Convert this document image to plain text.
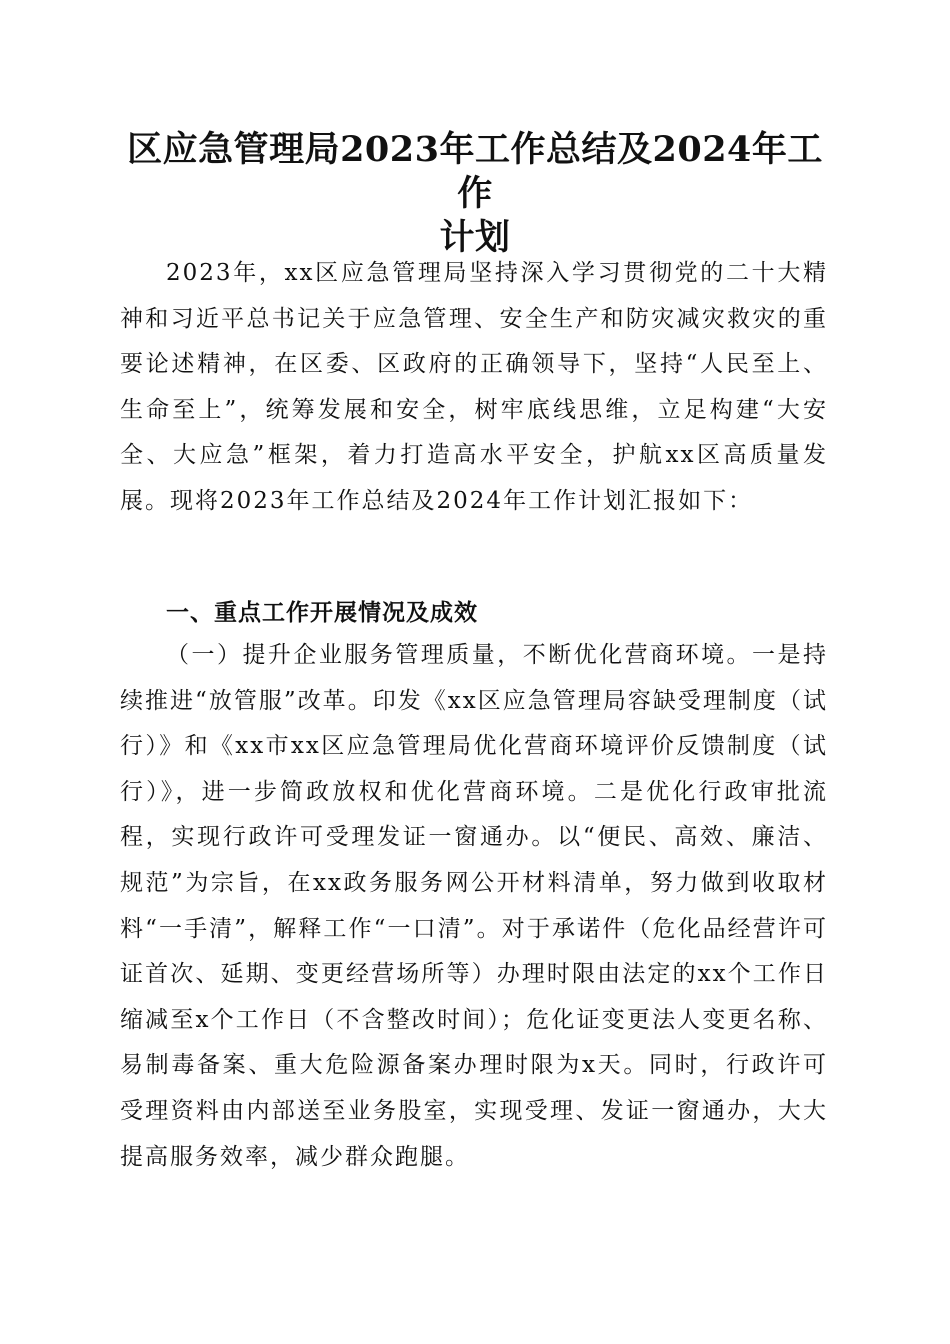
区应急管理局2023年工作总结及2024年工作
计划

2023年，xx区应急管理局坚持深入学习贯彻党的二十大精神和习近平总书记关于应急管理、安全生产和防灾减灾救灾的重要论述精神，在区委、区政府的正确领导下，坚持“人民至上、生命至上”，统筹发展和安全，树牢底线思维，立足构建“大安全、大应急”框架，着力打造高水平安全，护航xx区高质量发展。现将2023年工作总结及2024年工作计划汇报如下：

一、重点工作开展情况及成效

（一）提升企业服务管理质量，不断优化营商环境。一是持续推进“放管服”改革。印发《xx区应急管理局容缺受理制度（试行）》和《xx市xx区应急管理局优化营商环境评价反馈制度（试行）》，进一步简政放权和优化营商环境。二是优化行政审批流程，实现行政许可受理发证一窗通办。以“便民、高效、廉洁、规范”为宗旨，在xx政务服务网公开材料清单，努力做到收取材料“一手清”，解释工作“一口清”。对于承诺件（危化品经营许可证首次、延期、变更经营场所等）办理时限由法定的xx个工作日缩减至x个工作日（不含整改时间）；危化证变更法人变更名称、易制毒备案、重大危险源备案办理时限为x天。同时，行政许可受理资料由内部送至业务股室，实现受理、发证一窗通办，大大提高服务效率，减少群众跑腿。
